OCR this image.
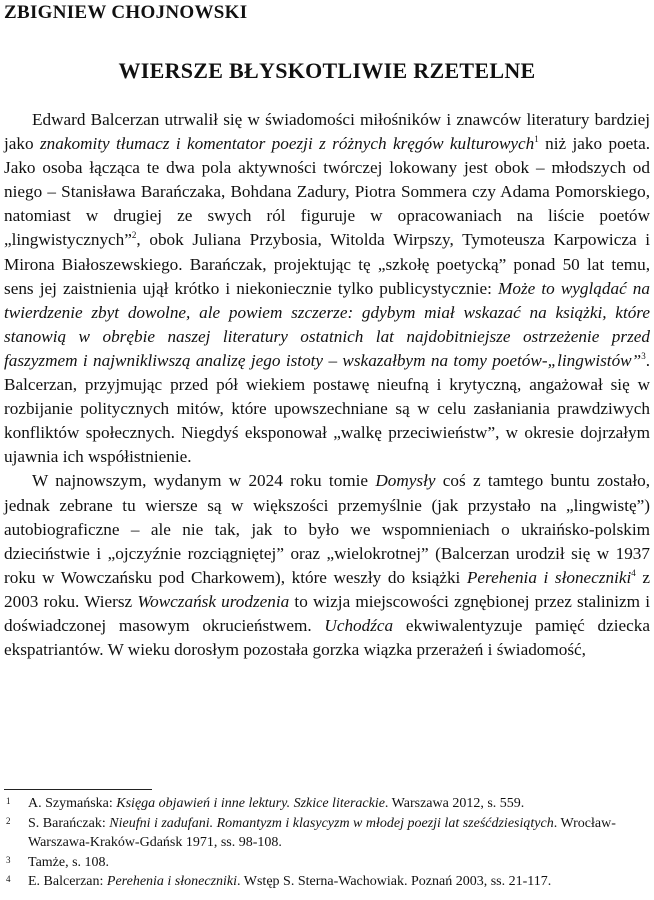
ZBIGNIEW CHOJNOWSKI
WIERSZE BŁYSKOTLIWIE RZETELNE

Edward Balcerzan utrwalił się w świadomości miłośników i znawców literatury bardziej jako znakomity tłumacz i komentator poezji z różnych kręgów kulturowych$^1$ niż jako poeta. Jako osoba łącząca te dwa pola aktywności twórczej lokowany jest obok – młodszych od niego – Stanisława Barańczaka, Bohdana Zadury, Piotra Sommera czy Adama Pomorskiego, natomiast w drugiej ze swych ról figuruje w opracowaniach na liście poetów „lingwistycznych”$^2$, obok Juliana Przybosia, Witolda Wirpszy, Tymoteusza Karpowicza i Mirona Białoszewskiego. Barańczak, projektując tę „szkołę poetycką” ponad 50 lat temu, sens jej zaistnienia ujął krótko i niekoniecznie tylko publicystycznie: Może to wyglądać na twierdzenie zbyt dowolne, ale powiem szczerze: gdybym miał wskazać na książki, które stanowią w obrębie naszej literatury ostatnich lat najdobitniejsze ostrzeżenie przed faszyzmem i najwnikliwszą analizę jego istoty – wskazałbym na tomy poetów-„lingwistów”$^3$. Balcerzan, przyjmując przed pół wiekiem postawę nieufną i krytyczną, angażował się w rozbijanie politycznych mitów, które upowszechniane są w celu zasłaniania prawdziwych konfliktów społecznych. Niegdyś eksponował „walkę przeciwieństw”, w okresie dojrzałym ujawnia ich współistnienie.

W najnowszym, wydanym w 2024 roku tomie Domysły coś z tamtego buntu zostało, jednak zebrane tu wiersze są w większości przemyślnie (jak przystało na „lingwistę”) autobiograficzne – ale nie tak, jak to było we wspomnieniach o ukraińsko-polskim dzieciństwie i „ojczyźnie rozciągniętej” oraz „wielokrotnej” (Balcerzan urodził się w 1937 roku w Wowczańsku pod Charkowem), które weszły do książki Perehenia i słoneczniki$^4$ z 2003 roku. Wiersz Wowczańsk urodzenia to wizja miejscowości zgnębionej przez stalinizm i doświadczonej masowym okrucieństwem. Uchodźca ekwiwalentyzuje pamięć dziecka ekspatriantów. W wieku dorosłym pozostała gorzka wiązka przerażeń i świadomość,

1 A. Szymańska: Księga objawień i inne lektury. Szkice literackie. Warszawa 2012, s. 559.
2 S. Barańczak: Nieufni i zadufani. Romantyzm i klasycyzm w młodej poezji lat sześćdziesiątych. Wrocław-Warszawa-Kraków-Gdańsk 1971, ss. 98-108.
3 Tamże, s. 108.
4 E. Balcerzan: Perehenia i słoneczniki. Wstęp S. Sterna-Wachowiak. Poznań 2003, ss. 21-117.
